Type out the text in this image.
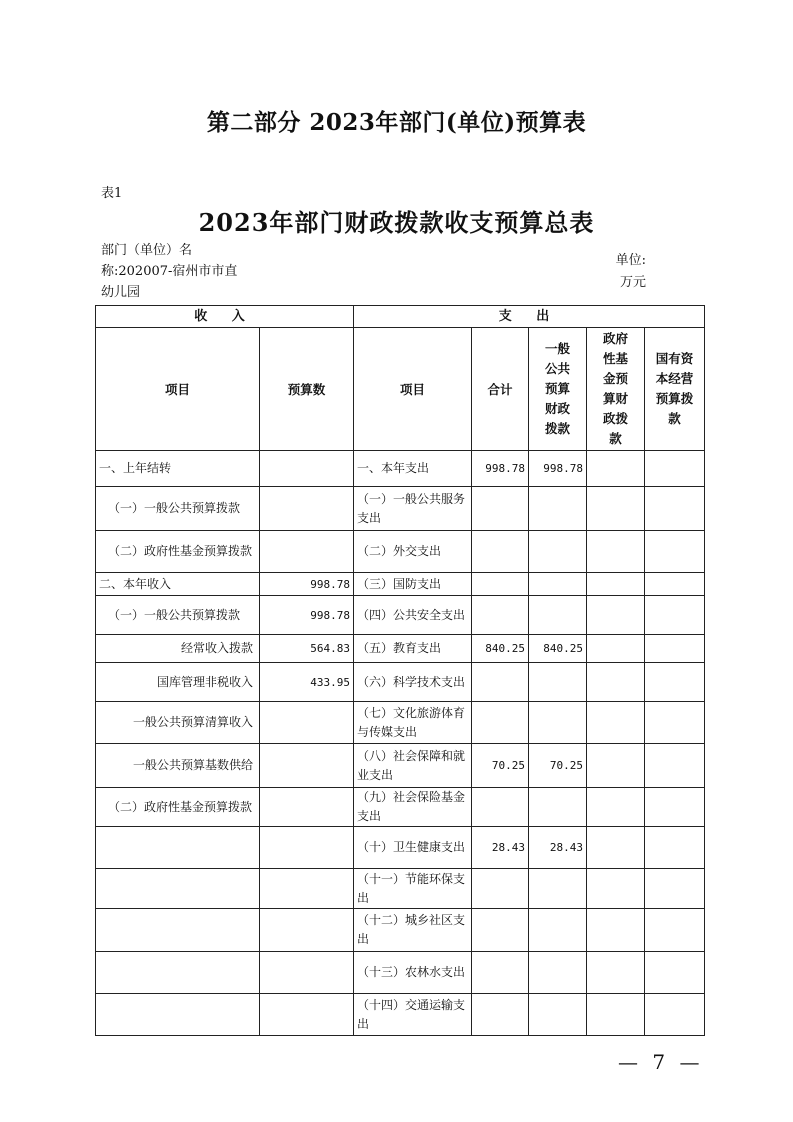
第二部分 2023年部门(单位)预算表
表1
2023年部门财政拨款收支预算总表
部门（单位）名
称:202007-宿州市市直
幼儿园
单位:
万元
收 入		支 出				
项目	预算数	项目	合计	一般公共预算财政拨款	政府性基金预算财政拨款	国有资本经营预算拨款
一、上年结转		一、本年支出	998.78	998.78		
（一）一般公共预算拨款		（一）一般公共服务支出				
（二）政府性基金预算拨款		（二）外交支出				
二、本年收入	998.78	（三）国防支出				
（一）一般公共预算拨款	998.78	（四）公共安全支出				
经常收入拨款	564.83	（五）教育支出	840.25	840.25		
国库管理非税收入	433.95	（六）科学技术支出				
一般公共预算清算收入		（七）文化旅游体育与传媒支出				
一般公共预算基数供给		（八）社会保障和就业支出	70.25	70.25		
（二）政府性基金预算拨款		（九）社会保险基金支出				
		（十）卫生健康支出	28.43	28.43		
		（十一）节能环保支出				
		（十二）城乡社区支出				
		（十三）农林水支出				
		（十四）交通运输支出				
— 7 —
